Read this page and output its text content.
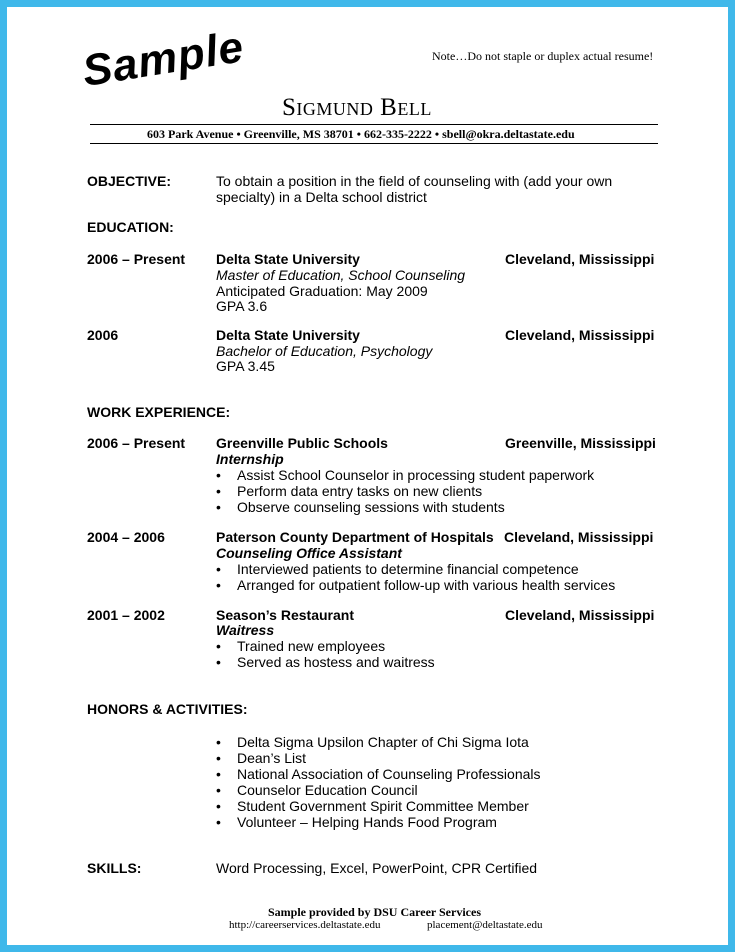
Note…Do not staple or duplex actual resume!
Sample
Sigmund Bell
603 Park Avenue • Greenville, MS 38701 • 662-335-2222 • sbell@okra.deltastate.edu
OBJECTIVE:	To obtain a position in the field of counseling with (add your own
specialty) in a Delta school district
EDUCATION:
2006 – Present Delta State University	Cleveland, Mississippi
Master of Education, School Counseling
Anticipated Graduation: May 2009
GPA 3.6
2006	Delta State University	Cleveland, Mississippi
Bachelor of Education, Psychology
GPA 3.45
WORK EXPERIENCE:
2006 – Present Greenville Public Schools	Greenville, Mississippi
Internship
• Assist School Counselor in processing student paperwork
• Perform data entry tasks on new clients
• Observe counseling sessions with students
2004 – 2006	Paterson County Department of Hospitals Cleveland, Mississippi
Counseling Office Assistant
• Interviewed patients to determine financial competence
• Arranged for outpatient follow-up with various health services
2001 – 2002	Season’s Restaurant	Cleveland, Mississippi
Waitress
• Trained new employees
• Served as hostess and waitress
HONORS & ACTIVITIES:
• Delta Sigma Upsilon Chapter of Chi Sigma Iota
• Dean’s List
• National Association of Counseling Professionals
• Counselor Education Council
• Student Government Spirit Committee Member
• Volunteer – Helping Hands Food Program
SKILLS:	Word Processing, Excel, PowerPoint, CPR Certified
Sample provided by DSU Career Services
http://careerservices.deltastate.edu	placement@deltastate.edu
